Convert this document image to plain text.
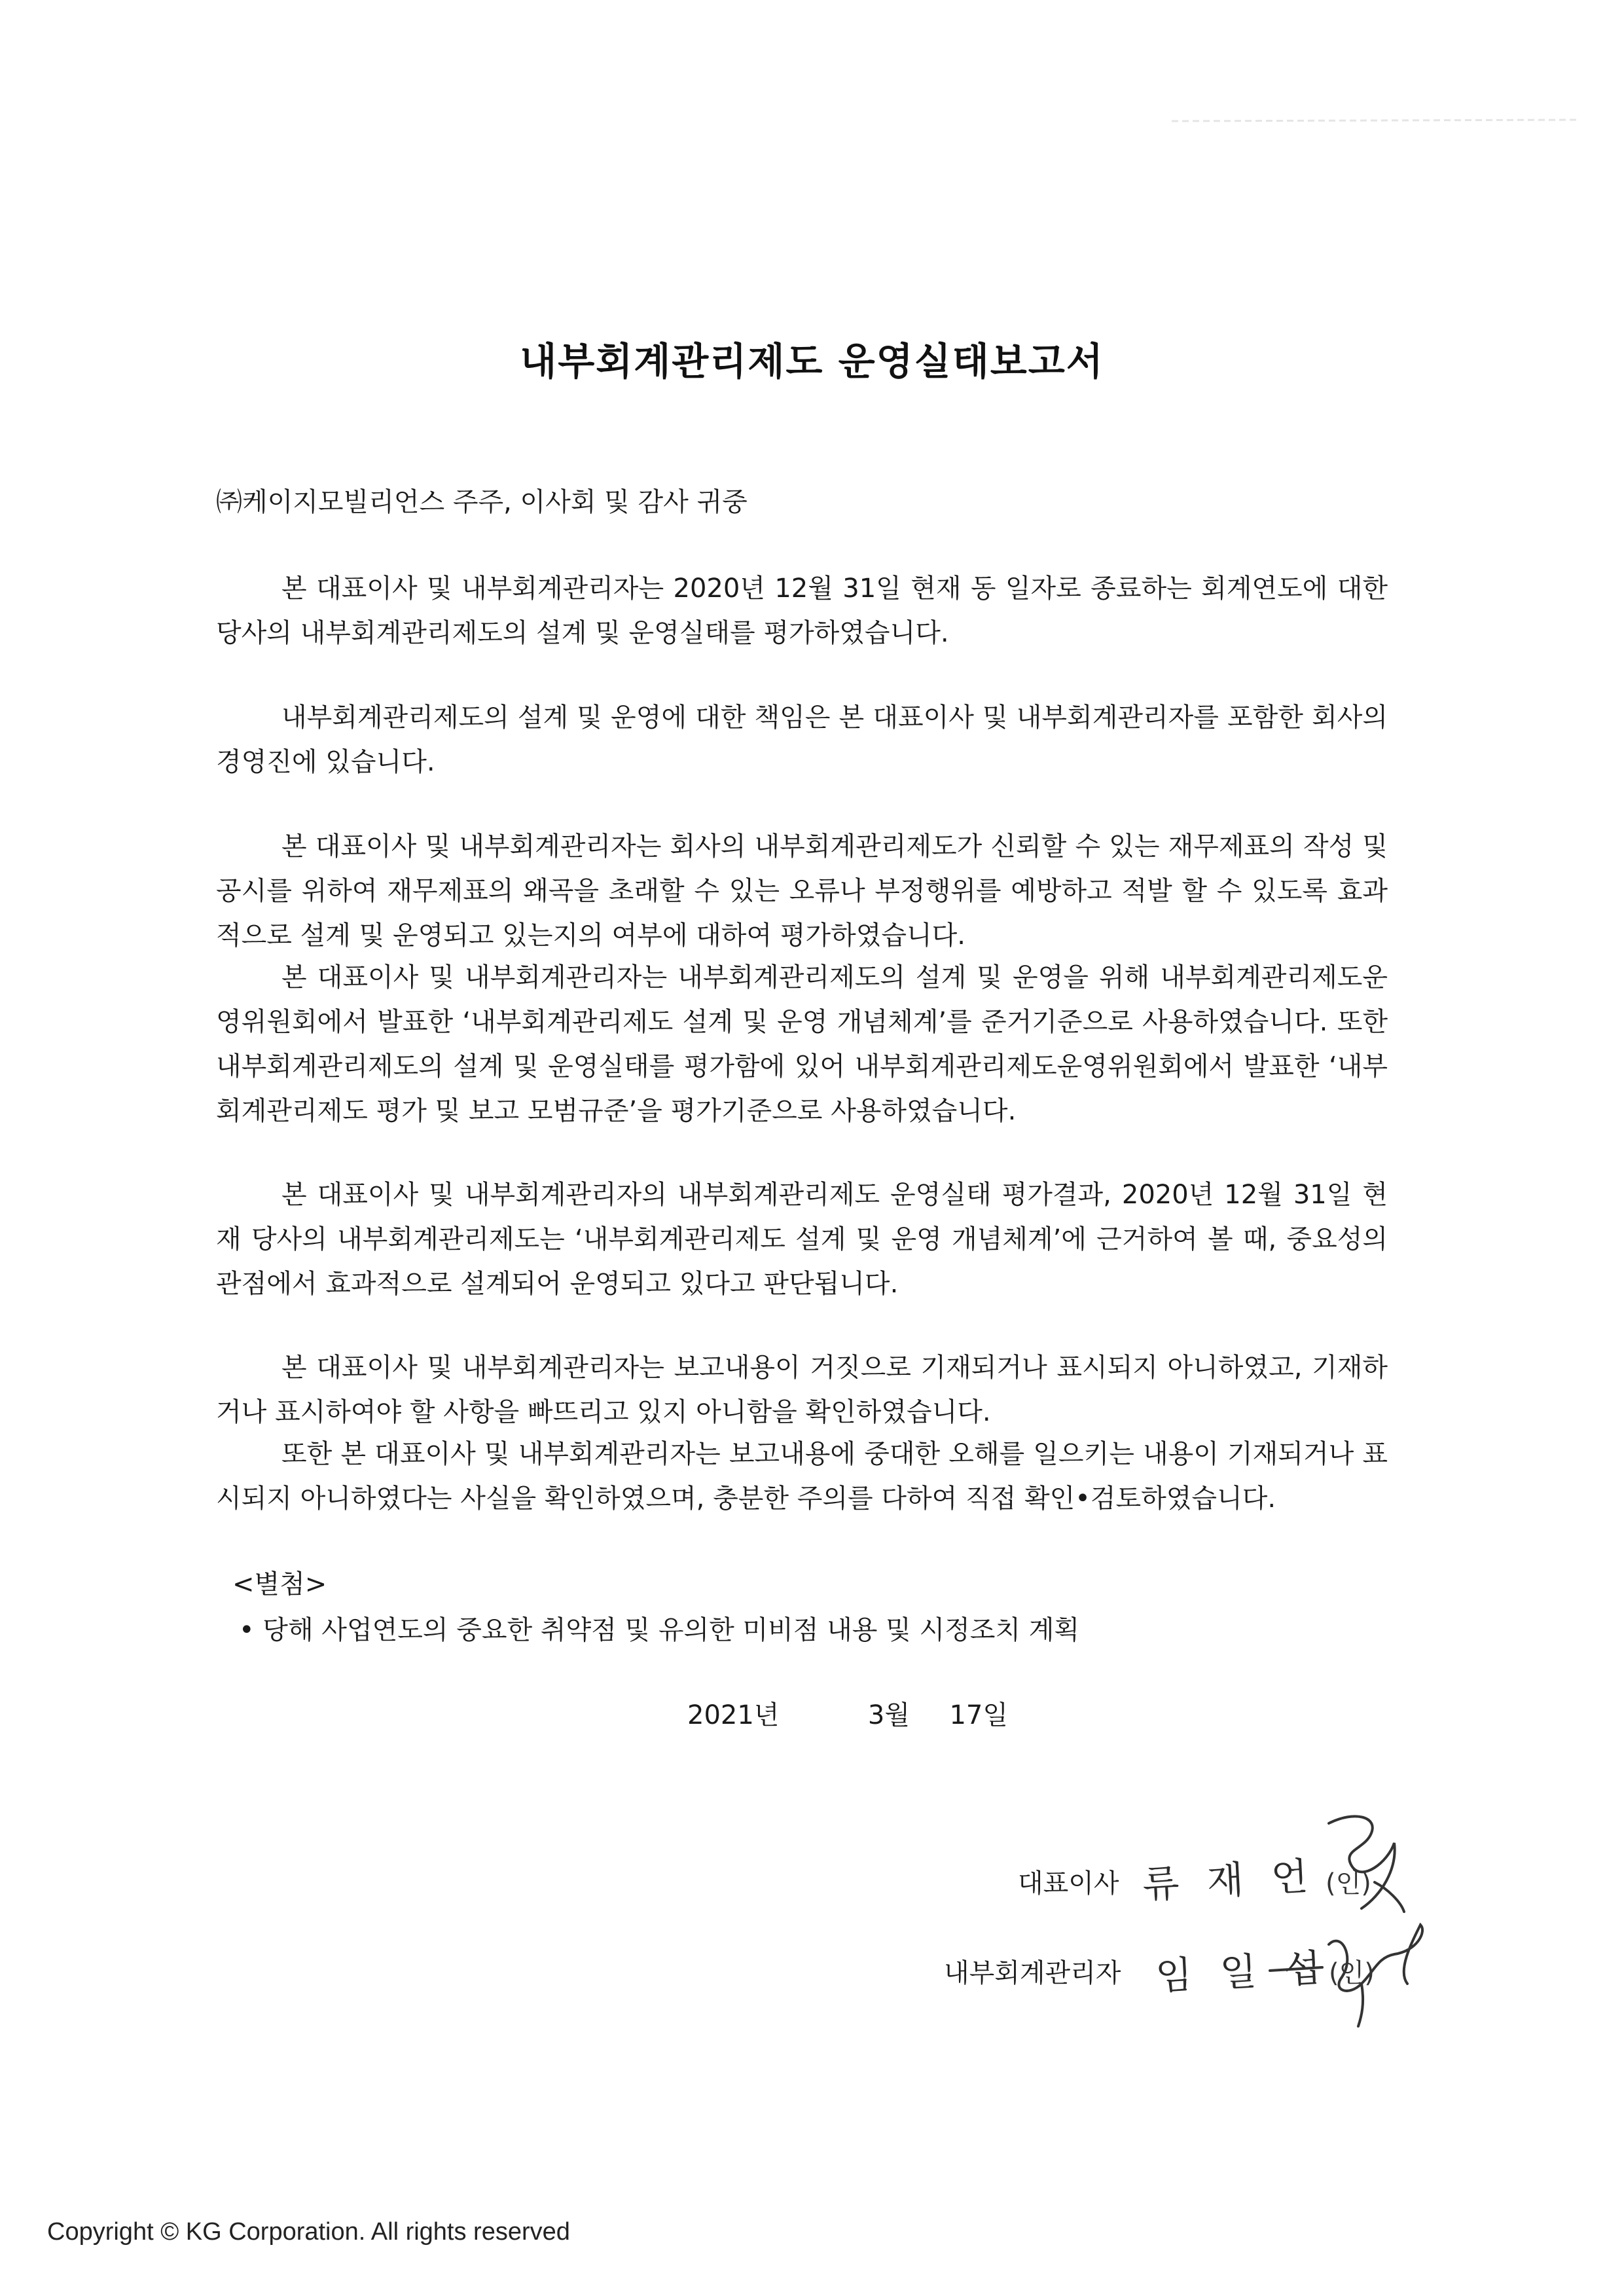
내부회계관리제도 운영실태보고서
㈜케이지모빌리언스 주주, 이사회 및 감사 귀중
본 대표이사 및 내부회계관리자는 2020년 12월 31일 현재 동 일자로 종료하는 회계연도에 대한 당사의 내부회계관리제도의 설계 및 운영실태를 평가하였습니다.
내부회계관리제도의 설계 및 운영에 대한 책임은 본 대표이사 및 내부회계관리자를 포함한 회사의 경영진에 있습니다.
본 대표이사 및 내부회계관리자는 회사의 내부회계관리제도가 신뢰할 수 있는 재무제표의 작성 및 공시를 위하여 재무제표의 왜곡을 초래할 수 있는 오류나 부정행위를 예방하고 적발 할 수 있도록 효과적으로 설계 및 운영되고 있는지의 여부에 대하여 평가하였습니다.
본 대표이사 및 내부회계관리자는 내부회계관리제도의 설계 및 운영을 위해 내부회계관리제도운영위원회에서 발표한 ‘내부회계관리제도 설계 및 운영 개념체계’를 준거기준으로 사용하였습니다. 또한 내부회계관리제도의 설계 및 운영실태를 평가함에 있어 내부회계관리제도운영위원회에서 발표한 ‘내부회계관리제도 평가 및 보고 모범규준’을 평가기준으로 사용하였습니다.
본 대표이사 및 내부회계관리자의 내부회계관리제도 운영실태 평가결과, 2020년 12월 31일 현재 당사의 내부회계관리제도는 ‘내부회계관리제도 설계 및 운영 개념체계’에 근거하여 볼 때, 중요성의 관점에서 효과적으로 설계되어 운영되고 있다고 판단됩니다.
본 대표이사 및 내부회계관리자는 보고내용이 거짓으로 기재되거나 표시되지 아니하였고, 기재하거나 표시하여야 할 사항을 빠뜨리고 있지 아니함을 확인하였습니다.
또한 본 대표이사 및 내부회계관리자는 보고내용에 중대한 오해를 일으키는 내용이 기재되거나 표시되지 아니하였다는 사실을 확인하였으며, 충분한 주의를 다하여 직접 확인•검토하였습니다.
<별첨>
• 당해 사업연도의 중요한 취약점 및 유의한 미비점 내용 및 시정조치 계획
2021년	3월 17일
대표이사 류 재 언 (인)
내부회계관리자 임 일 섭
(인)
Copyright © KG Corporation. All rights reserved
